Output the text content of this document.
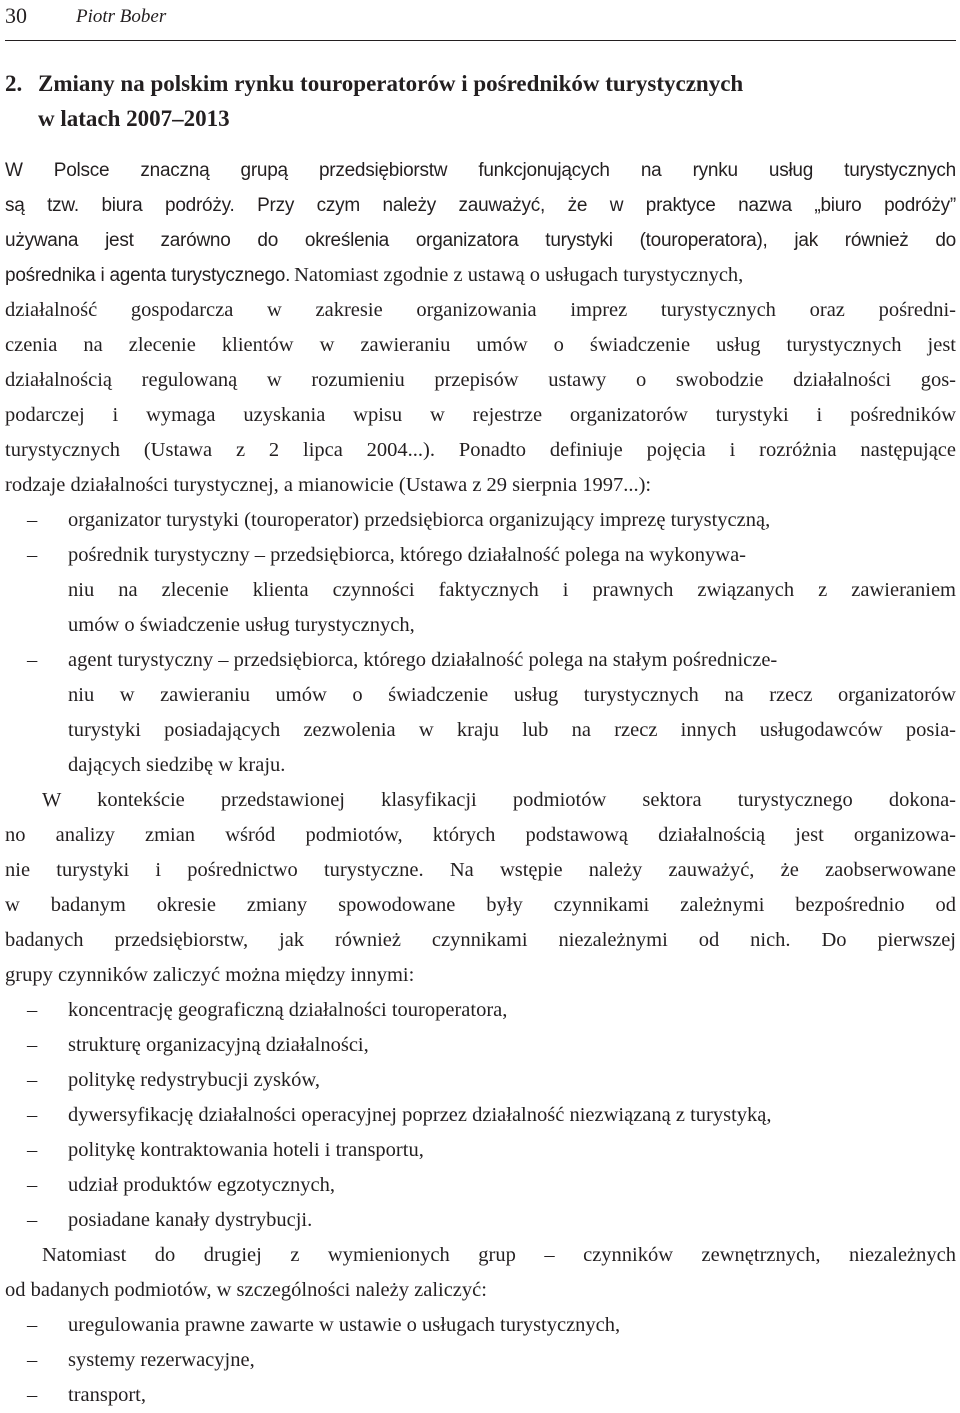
30	Piotr Bober
2. Zmiany na polskim rynku touroperatorów i pośredników turystycznych
w latach 2007–2013
W Polsce znaczną grupą przedsiębiorstw funkcjonujących na rynku usług turystycznych
są tzw. biura podróży. Przy czym należy zauważyć, że w praktyce nazwa „biuro podróży”
używana jest zarówno do określenia organizatora turystyki (touroperatora), jak również do
pośrednika i agenta turystycznego. Natomiast zgodnie z ustawą o usługach turystycznych,
działalność gospodarcza w zakresie organizowania imprez turystycznych oraz pośredni-
czenia na zlecenie klientów w zawieraniu umów o świadczenie usług turystycznych jest
działalnością regulowaną w rozumieniu przepisów ustawy o swobodzie działalności gos-
podarczej i wymaga uzyskania wpisu w rejestrze organizatorów turystyki i pośredników
turystycznych (Ustawa z 2 lipca 2004...). Ponadto definiuje pojęcia i rozróżnia następujące
rodzaje działalności turystycznej, a mianowicie (Ustawa z 29 sierpnia 1997...):
– organizator turystyki (touroperator) przedsiębiorca organizujący imprezę turystyczną,
– pośrednik turystyczny – przedsiębiorca, którego działalność polega na wykonywa-
niu na zlecenie klienta czynności faktycznych i prawnych związanych z zawieraniem
umów o świadczenie usług turystycznych,
– agent turystyczny – przedsiębiorca, którego działalność polega na stałym pośrednicze-
niu w zawieraniu umów o świadczenie usług turystycznych na rzecz organizatorów
turystyki posiadających zezwolenia w kraju lub na rzecz innych usługodawców posia-
dających siedzibę w kraju.
W kontekście przedstawionej klasyfikacji podmiotów sektora turystycznego dokona-
no analizy zmian wśród podmiotów, których podstawową działalnością jest organizowa-
nie turystyki i pośrednictwo turystyczne. Na wstępie należy zauważyć, że zaobserwowane
w badanym okresie zmiany spowodowane były czynnikami zależnymi bezpośrednio od
badanych przedsiębiorstw, jak również czynnikami niezależnymi od nich. Do pierwszej
grupy czynników zaliczyć można między innymi:
– koncentrację geograficzną działalności touroperatora,
– strukturę organizacyjną działalności,
– politykę redystrybucji zysków,
– dywersyfikację działalności operacyjnej poprzez działalność niezwiązaną z turystyką,
– politykę kontraktowania hoteli i transportu,
– udział produktów egzotycznych,
– posiadane kanały dystrybucji.
Natomiast do drugiej z wymienionych grup – czynników zewnętrznych, niezależnych
od badanych podmiotów, w szczególności należy zaliczyć:
– uregulowania prawne zawarte w ustawie o usługach turystycznych,
– systemy rezerwacyjne,
– transport,
